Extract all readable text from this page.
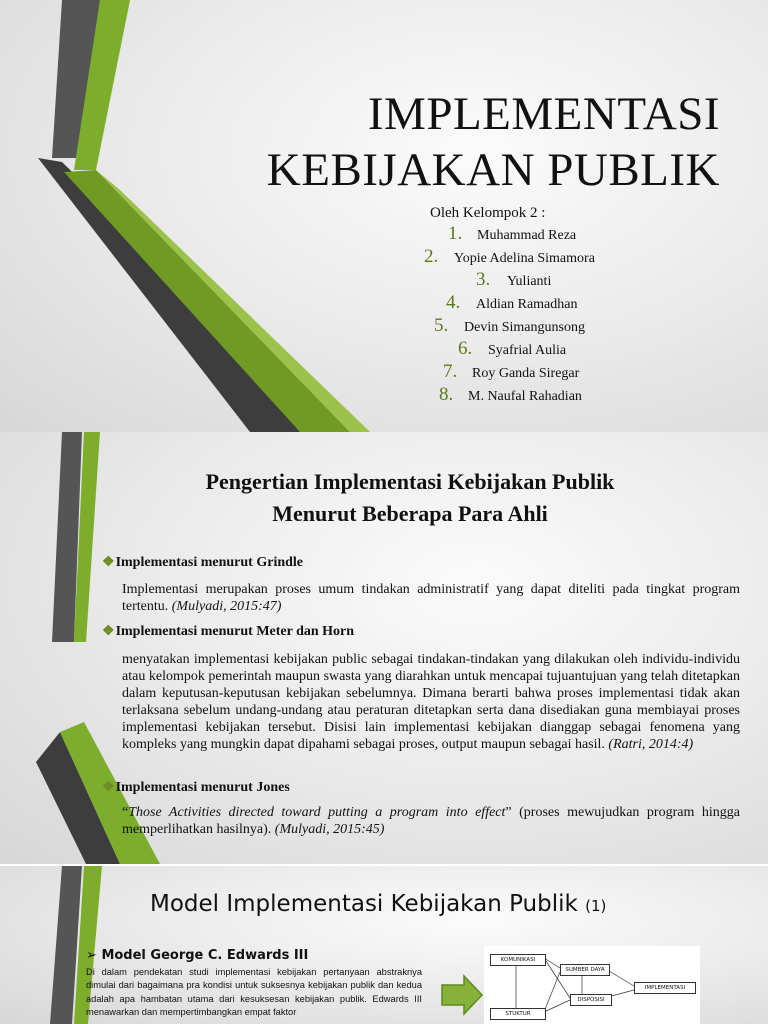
IMPLEMENTASI
KEBIJAKAN PUBLIK
Oleh Kelompok 2 :
1. Muhammad Reza
2. Yopie Adelina Simamora
3. Yulianti
4. Aldian Ramadhan
5. Devin Simangunsong
6. Syafrial Aulia
7. Roy Ganda Siregar
8. M. Naufal Rahadian
Pengertian Implementasi Kebijakan Publik
Menurut Beberapa Para Ahli
❖Implementasi menurut Grindle
Implementasi merupakan proses umum tindakan administratif yang dapat diteliti pada tingkat program tertentu. (Mulyadi, 2015:47)
❖Implementasi menurut Meter dan Horn
menyatakan implementasi kebijakan public sebagai tindakan-tindakan yang dilakukan oleh individu-individu atau kelompok pemerintah maupun swasta yang diarahkan untuk mencapai tujuantujuan yang telah ditetapkan dalam keputusan-keputusan kebijakan sebelumnya. Dimana berarti bahwa proses implementasi tidak akan terlaksana sebelum undang-undang atau peraturan ditetapkan serta dana disediakan guna membiayai proses implementasi kebijakan tersebut. Disisi lain implementasi kebijakan dianggap sebagai fenomena yang kompleks yang mungkin dapat dipahami sebagai proses, output maupun sebagai hasil. (Ratri, 2014:4)
❖Implementasi menurut Jones
“Those Activities directed toward putting a program into effect” (proses mewujudkan program hingga memperlihatkan hasilnya). (Mulyadi, 2015:45)
Model Implementasi Kebijakan Publik (1)
➢ Model George C. Edwards III
Di dalam pendekatan studi implementasi kebijakan pertanyaan abstraknya dimulai dari bagaimana pra kondisi untuk suksesnya kebijakan publik dan kedua adalah apa hambatan utama dari kesuksesan kebijakan publik. Edwards III menawarkan dan mempertimbangkan empat faktor
KOMUNIKASI
SUMBER DAYA
IMPLEMENTASI
DISPOSISI
STUKTUR
